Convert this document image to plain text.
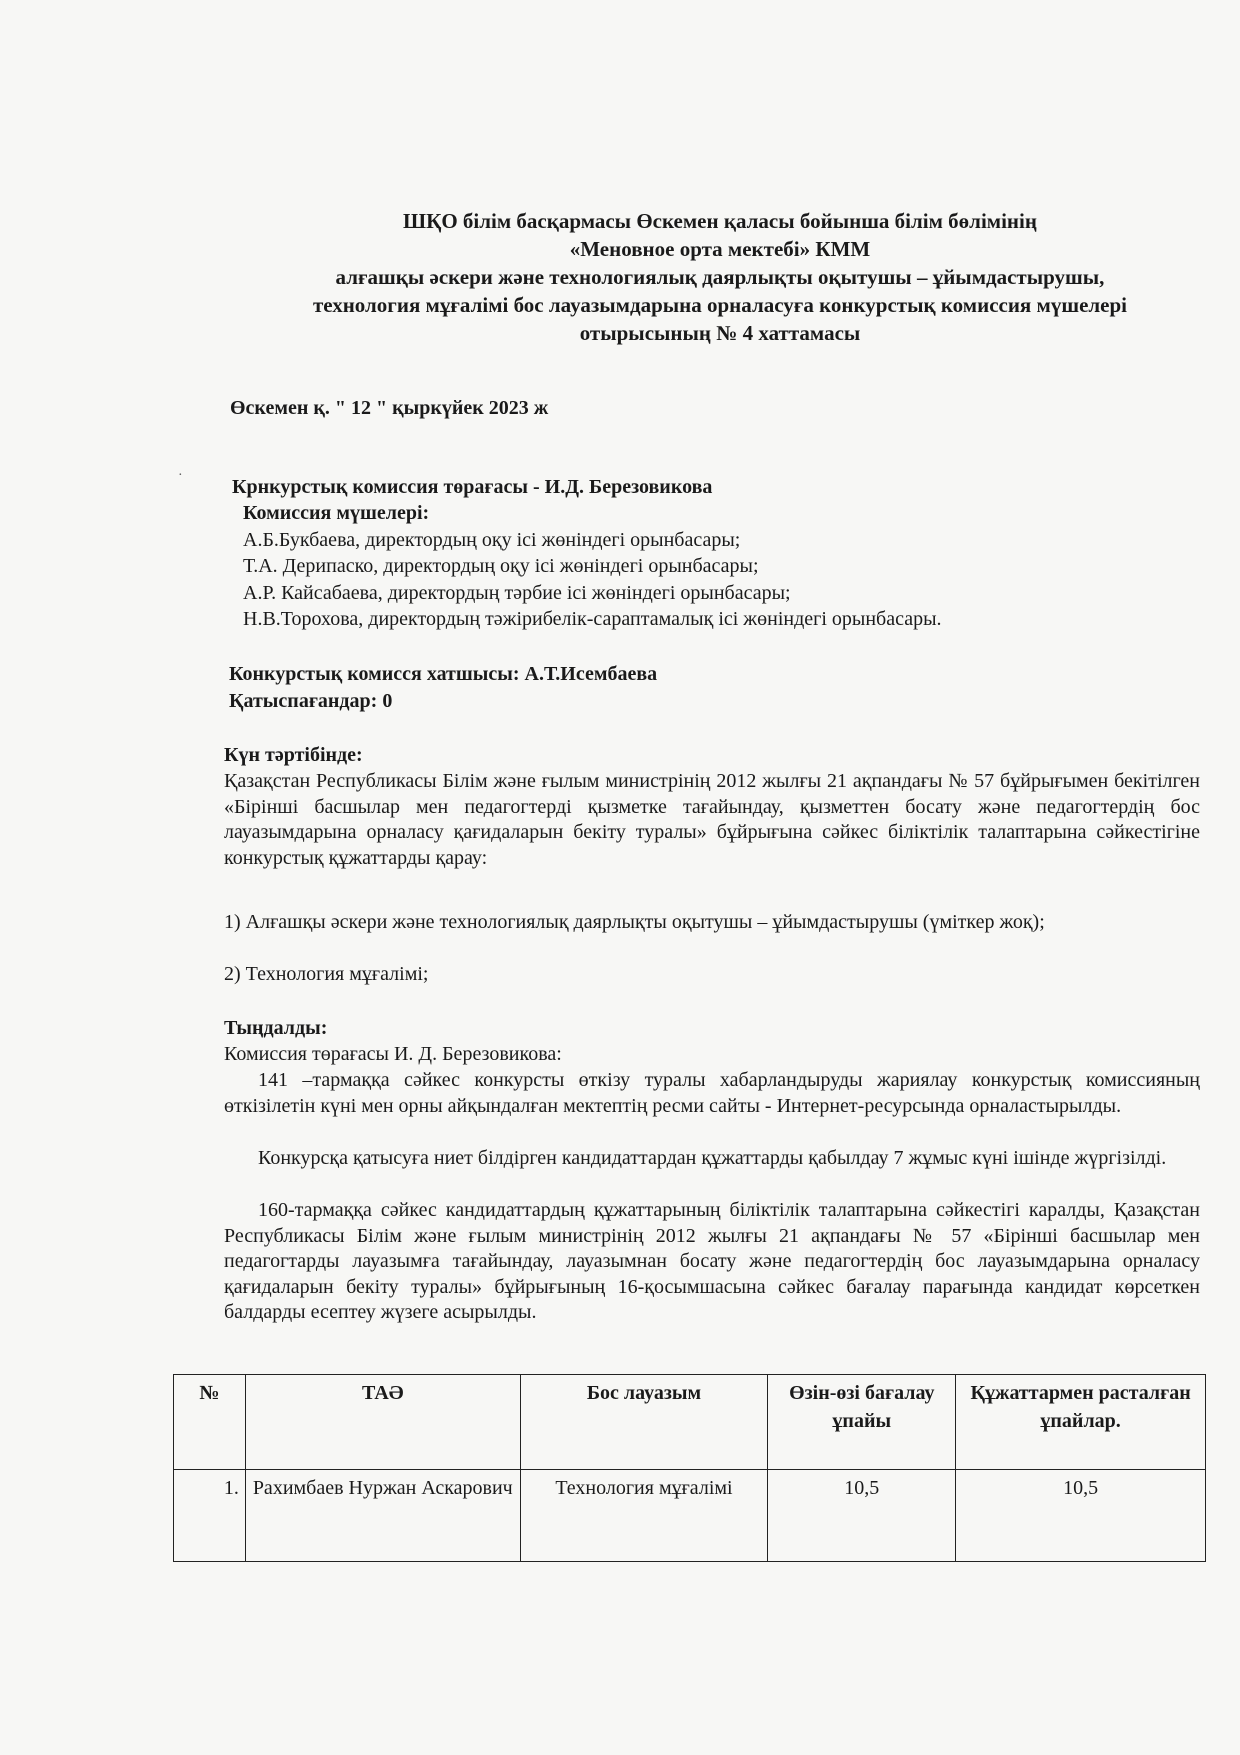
ШҚО білім басқармасы Өскемен қаласы бойынша білім бөлімінің
«Меновное орта мектебі» КММ
алғашқы әскери және технологиялық даярлықты оқытушы – ұйымдастырушы,
технология мұғалімі бос лауазымдарына орналасуға конкурстық комиссия мүшелері
отырысының № 4 хаттамасы
Өскемен қ. " 12 " қыркүйек 2023 ж
·
Крнкурстық комиссия төрағасы - И.Д. Березовикова
Комиссия мүшелері:
А.Б.Букбаева, директордың оқу ісі жөніндегі орынбасары;
Т.А. Дерипаско, директордың оқу ісі жөніндегі орынбасары;
А.Р. Кайсабаева, директордың тәрбие ісі жөніндегі орынбасары;
Н.В.Торохова, директордың тәжірибелік-сараптамалық ісі жөніндегі орынбасары.
Конкурстық комисся хатшысы: А.Т.Исембаева
Қатыспағандар: 0
Күн тәртібінде:
Қазақстан Республикасы Білім және ғылым министрінің 2012 жылғы 21 ақпандағы № 57 бұйрығымен бекітілген «Бірінші басшылар мен педагогтерді қызметке тағайындау, қызметтен босату және педагогтердің бос лауазымдарына орналасу қағидаларын бекіту туралы» бұйрығына сәйкес біліктілік талаптарына сәйкестігіне конкурстық құжаттарды қарау:
1) Алғашқы әскери және технологиялық даярлықты оқытушы – ұйымдастырушы (үміткер жоқ);
2) Технология мұғалімі;
Тыңдалды:
Комиссия төрағасы И. Д. Березовикова:
141 –тармаққа сәйкес конкурсты өткізу туралы хабарландыруды жариялау конкурстық комиссияның өткізілетін күні мен орны айқындалған мектептің ресми сайты - Интернет-ресурсында орналастырылды.
Конкурсқа қатысуға ниет білдірген кандидаттардан құжаттарды қабылдау 7 жұмыс күні ішінде жүргізілді.
160-тармаққа сәйкес кандидаттардың құжаттарының біліктілік талаптарына сәйкестігі каралды, Қазақстан Республикасы Білім және ғылым министрінің 2012 жылғы 21 ақпандағы № 57 «Бірінші басшылар мен педагогтарды лауазымға тағайындау, лауазымнан босату және педагогтердің бос лауазымдарына орналасу қағидаларын бекіту туралы» бұйрығының 16-қосымшасына сәйкес бағалау парағында кандидат көрсеткен балдарды есептеу жүзеге асырылды.
№	ТАӘ	Бос лауазым	Өзін-өзі бағалау ұпайы	Құжаттармен расталған ұпайлар.
1.	Рахимбаев Нуржан Аскарович	Технология мұғалімі	10,5	10,5
